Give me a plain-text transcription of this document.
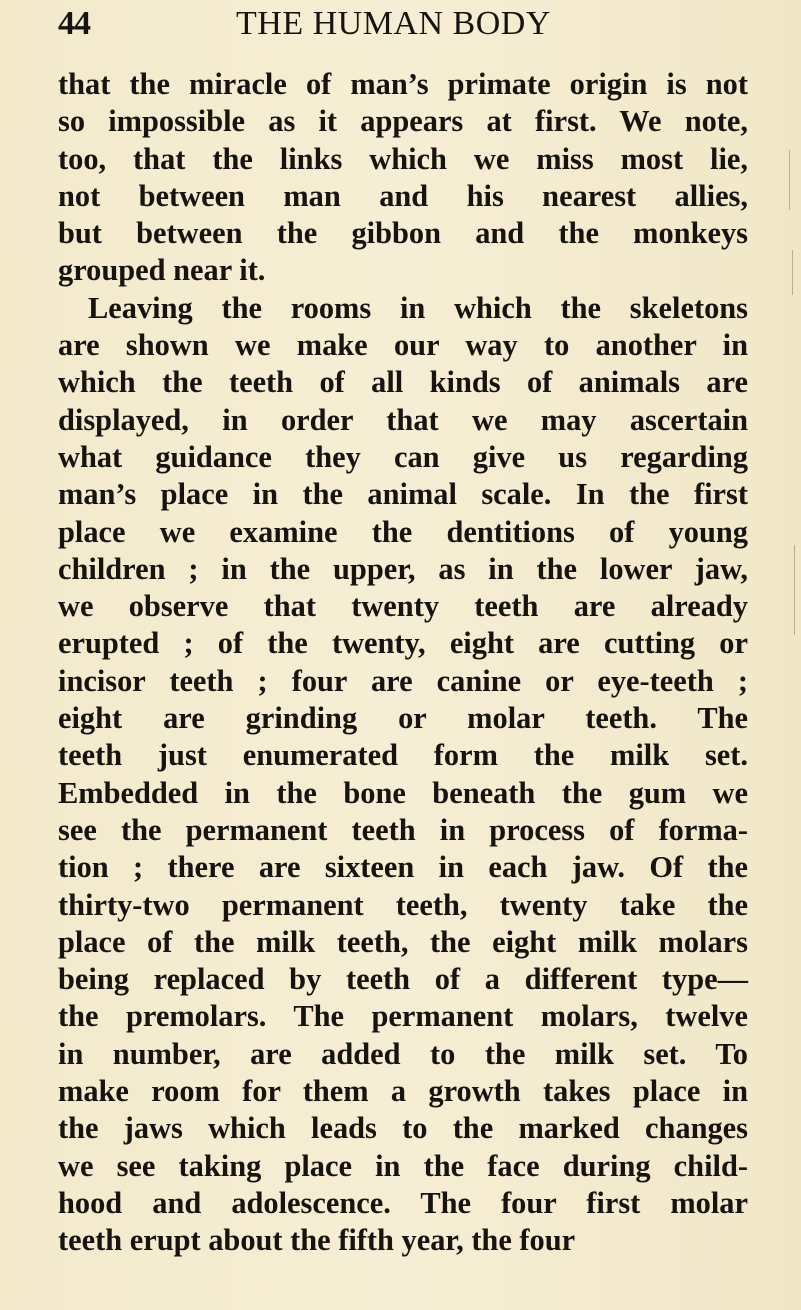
44	THE HUMAN BODY
that the miracle of man’s primate origin is not
so impossible as it appears at first. We note,
too, that the links which we miss most lie,
not between man and his nearest allies,
but between the gibbon and the monkeys
grouped near it.
Leaving the rooms in which the skeletons
are shown we make our way to another in
which the teeth of all kinds of animals are
displayed, in order that we may ascertain
what guidance they can give us regarding
man’s place in the animal scale. In the first
place we examine the dentitions of young
children ; in the upper, as in the lower jaw,
we observe that twenty teeth are already
erupted ; of the twenty, eight are cutting or
incisor teeth ; four are canine or eye-teeth ;
eight are grinding or molar teeth. The
teeth just enumerated form the milk set.
Embedded in the bone beneath the gum we
see the permanent teeth in process of forma-
tion ; there are sixteen in each jaw. Of the
thirty-two permanent teeth, twenty take the
place of the milk teeth, the eight milk molars
being replaced by teeth of a different type—
the premolars. The permanent molars, twelve
in number, are added to the milk set. To
make room for them a growth takes place in
the jaws which leads to the marked changes
we see taking place in the face during child-
hood and adolescence. The four first molar
teeth erupt about the fifth year, the four
